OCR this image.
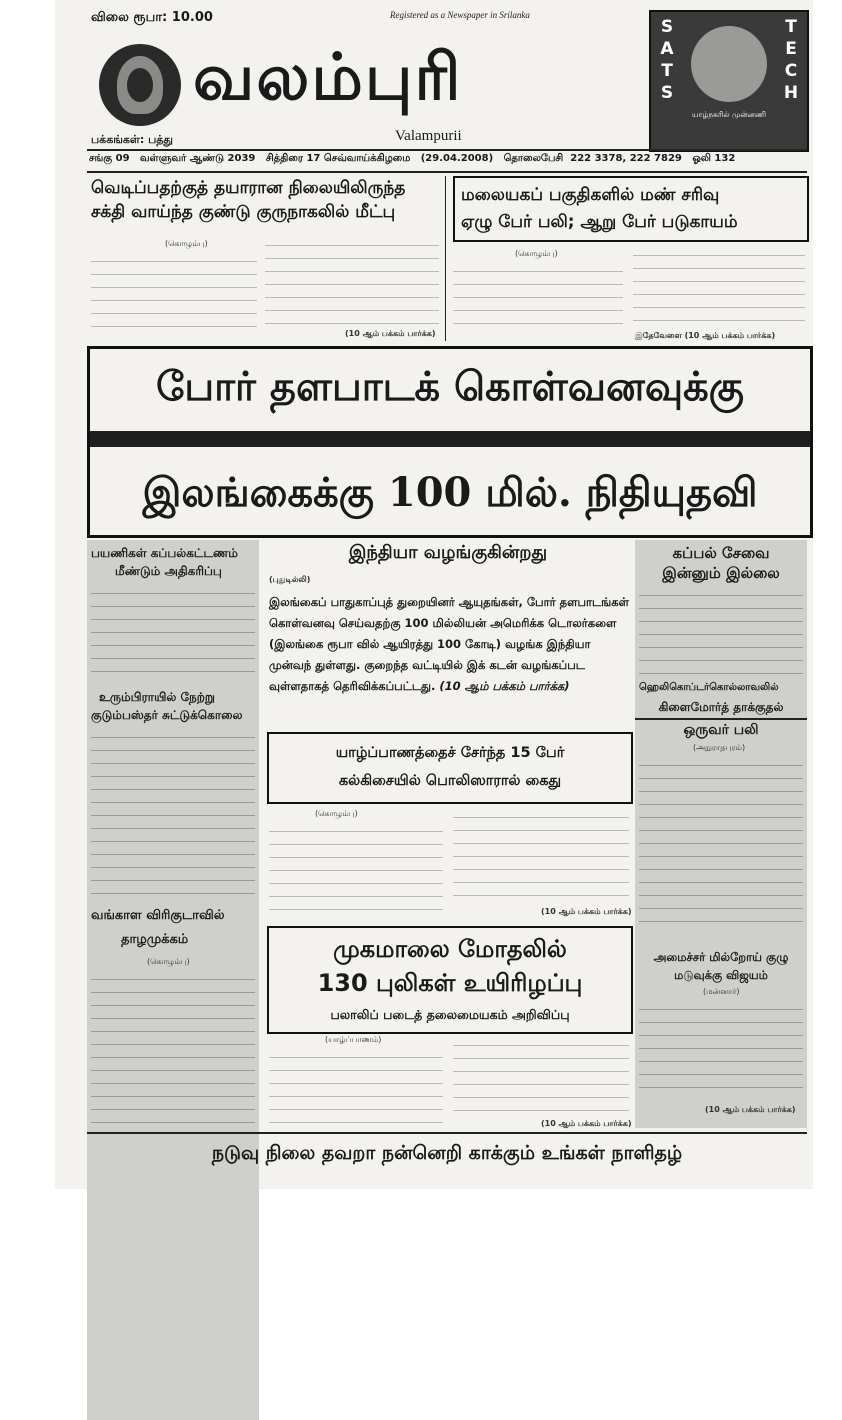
விலை ரூபா: 10.00	Registered as a Newspaper in Srilanka
வலம்புரி
Valampurii
பக்கங்கள்: பத்து
SATS
TECH
யாழ்நகரில் முன்னணி
சங்கு 09 வள்ளுவர் ஆண்டு 2039 சித்திரை 17 செவ்வாய்க்கிழமை (29.04.2008) தொலைபேசி 222 3378, 222 7829 ஓலி 132
வெடிப்பதற்குத் தயாரான நிலையிலிருந்த சக்தி வாய்ந்த குண்டு குருநாகலில் மீட்பு
(கொழும்பு)
(10 ஆம் பக்கம் பார்க்க)
மலையகப் பகுதிகளில் மண் சரிவு
ஏழு பேர் பலி; ஆறு பேர் படுகாயம்
(கொழும்பு)
இதேவேளை (10 ஆம் பக்கம் பார்க்க)
போர் தளபாடக் கொள்வனவுக்கு
இலங்கைக்கு 100 மில். நிதியுதவி
பயணிகள் கப்பல்கட்டணம்
மீண்டும் அதிகரிப்பு
உரும்பிராயில் நேற்று
குடும்பஸ்தர் சுட்டுக்கொலை
வங்காள விரிகுடாவில்
தாழமுக்கம்
(கொழும்பு)
இந்தியா வழங்குகின்றது
(புதுடில்லி)
இலங்கைப் பாதுகாப்புத் துறையினர் ஆயுதங்கள், போர் தளபாடங்கள் கொள்வனவு செய்வதற்கு 100 மில்லியன் அமெரிக்க டொலர்களை (இலங்கை ரூபா வில் ஆயிரத்து 100 கோடி) வழங்க இந்தியா முன்வந் துள்ளது. குறைந்த வட்டியில் இக் கடன் வழங்கப்பட வுள்ளதாகத் தெரிவிக்கப்பட்டது. (10 ஆம் பக்கம் பார்க்க)
யாழ்ப்பாணத்தைச் சேர்ந்த 15 பேர்
கல்கிசையில் பொலிஸாரால் கைது
(கொழும்பு)
(10 ஆம் பக்கம் பார்க்க)
முகமாலை மோதலில்
130 புலிகள் உயிரிழப்பு
பலாலிப் படைத் தலைமையகம் அறிவிப்பு
(யாழ்ப்பாணம்)
(10 ஆம் பக்கம் பார்க்க)
கப்பல் சேவை
இன்னும் இல்லை
ஹெலிகொப்டர்கொல்லாவலில்
கிளைமோர்த் தாக்குதல்
ஒருவர் பலி
(அநுராதபுரம்)
அமைச்சர் மில்றோய் குழு
மடுவுக்கு விஜயம்
(மன்னார்)
(10 ஆம் பக்கம் பார்க்க)
நடுவு நிலை தவறா நன்னெறி காக்கும் உங்கள் நாளிதழ்
